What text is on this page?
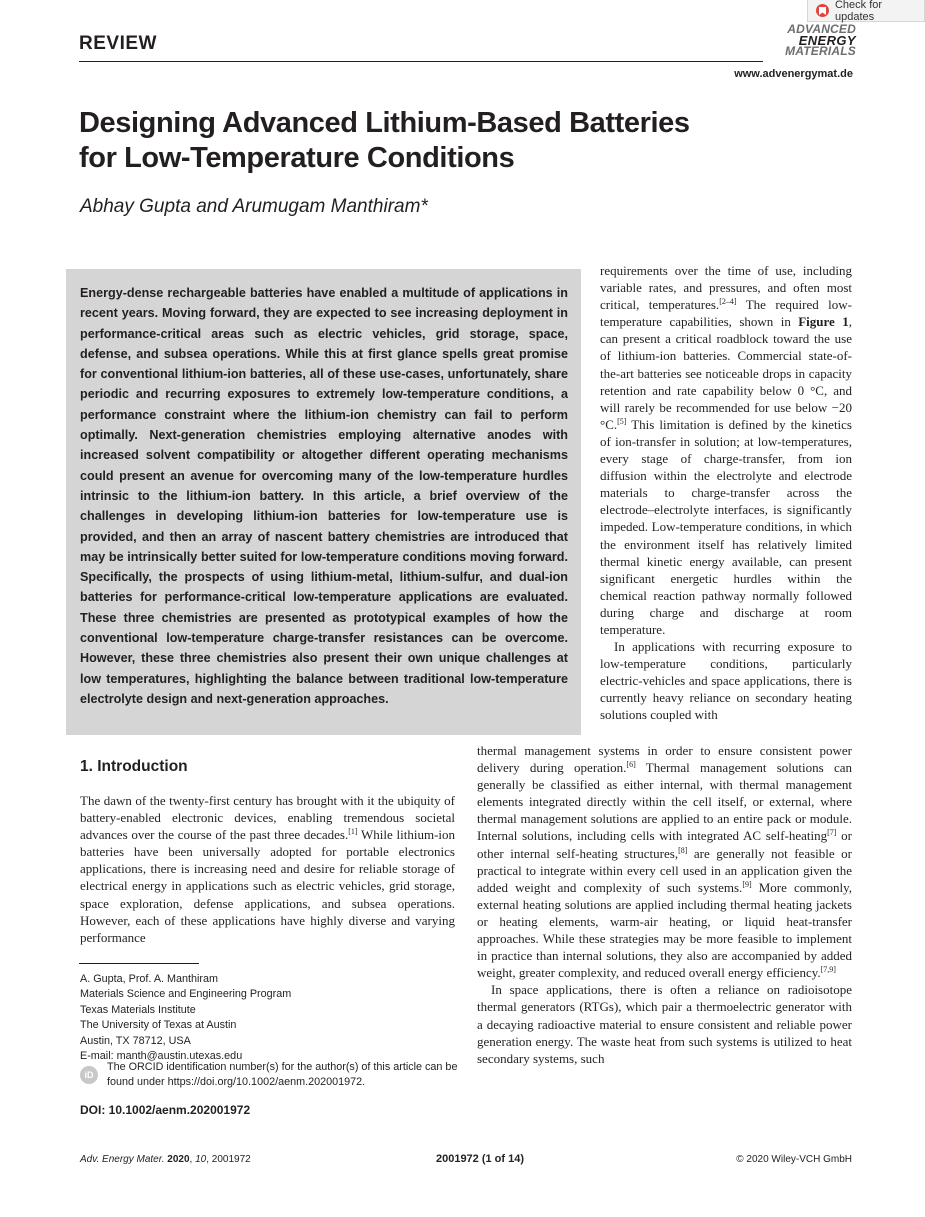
REVIEW
Check for updates
ADVANCED
ENERGY
MATERIALS
www.advenergymat.de
Designing Advanced Lithium-Based Batteries
for Low-Temperature Conditions
Abhay Gupta and Arumugam Manthiram*
Energy-dense rechargeable batteries have enabled a multitude of applications in recent years. Moving forward, they are expected to see increasing deployment in performance-critical areas such as electric vehicles, grid storage, space, defense, and subsea operations. While this at first glance spells great promise for conventional lithium-ion batteries, all of these use-cases, unfortunately, share periodic and recurring exposures to extremely low-temperature conditions, a performance constraint where the lithium-ion chemistry can fail to perform optimally. Next-generation chemistries employing alternative anodes with increased solvent compatibility or altogether different operating mechanisms could present an avenue for overcoming many of the low-temperature hurdles intrinsic to the lithium-ion battery. In this article, a brief overview of the challenges in developing lithium-ion batteries for low-temperature use is provided, and then an array of nascent battery chemistries are introduced that may be intrinsically better suited for low-temperature conditions moving forward. Specifically, the prospects of using lithium-metal, lithium-sulfur, and dual-ion batteries for performance-critical low-temperature applications are evaluated. These three chemistries are presented as prototypical examples of how the conventional low-temperature charge-transfer resistances can be overcome. However, these three chemistries also present their own unique challenges at low temperatures, highlighting the balance between traditional low-temperature electrolyte design and next-generation approaches.

requirements over the time of use, including variable rates, and pressures, and often most critical, temperatures.[2–4] The required low-temperature capabilities, shown in Figure 1, can present a critical roadblock toward the use of lithium-ion batteries. Commercial state-of-the-art batteries see noticeable drops in capacity retention and rate capability below 0 °C, and will rarely be recommended for use below −20 °C.[5] This limitation is defined by the kinetics of ion-transfer in solution; at low-temperatures, every stage of charge-transfer, from ion diffusion within the electrolyte and electrode materials to charge-transfer across the electrode–electrolyte interfaces, is significantly impeded. Low-temperature conditions, in which the environment itself has relatively limited thermal kinetic energy available, can present significant energetic hurdles within the chemical reaction pathway normally followed during charge and discharge at room temperature.

In applications with recurring exposure to low-temperature conditions, particularly electric-vehicles and space applications, there is currently heavy reliance on secondary heating solutions coupled with

thermal management systems in order to ensure consistent power delivery during operation.[6] Thermal management solutions can generally be classified as either internal, with thermal management elements integrated directly within the cell itself, or external, where thermal management solutions are applied to an entire pack or module. Internal solutions, including cells with integrated AC self-heating[7] or other internal self-heating structures,[8] are generally not feasible or practical to integrate within every cell used in an application given the added weight and complexity of such systems.[9] More commonly, external heating solutions are applied including thermal heating jackets or heating elements, warm-air heating, or liquid heat-transfer approaches. While these strategies may be more feasible to implement in practice than internal solutions, they also are accompanied by added weight, greater complexity, and reduced overall energy efficiency.[7,9]

In space applications, there is often a reliance on radioisotope thermal generators (RTGs), which pair a thermoelectric generator with a decaying radioactive material to ensure consistent and reliable power generation energy. The waste heat from such systems is utilized to heat secondary systems, such

1. Introduction

The dawn of the twenty-first century has brought with it the ubiquity of battery-enabled electronic devices, enabling tremendous societal advances over the course of the past three decades.[1] While lithium-ion batteries have been universally adopted for portable electronics applications, there is increasing need and desire for reliable storage of electrical energy in applications such as electric vehicles, grid storage, space exploration, defense applications, and subsea operations. However, each of these applications have highly diverse and varying performance

A. Gupta, Prof. A. Manthiram
Materials Science and Engineering Program
Texas Materials Institute
The University of Texas at Austin
Austin, TX 78712, USA
E-mail: manth@austin.utexas.edu
iD
The ORCID identification number(s) for the author(s) of this article can be found under https://doi.org/10.1002/aenm.202001972.
DOI: 10.1002/aenm.202001972
Adv. Energy Mater. 2020, 10, 2001972	2001972 (1 of 14)	© 2020 Wiley-VCH GmbH
